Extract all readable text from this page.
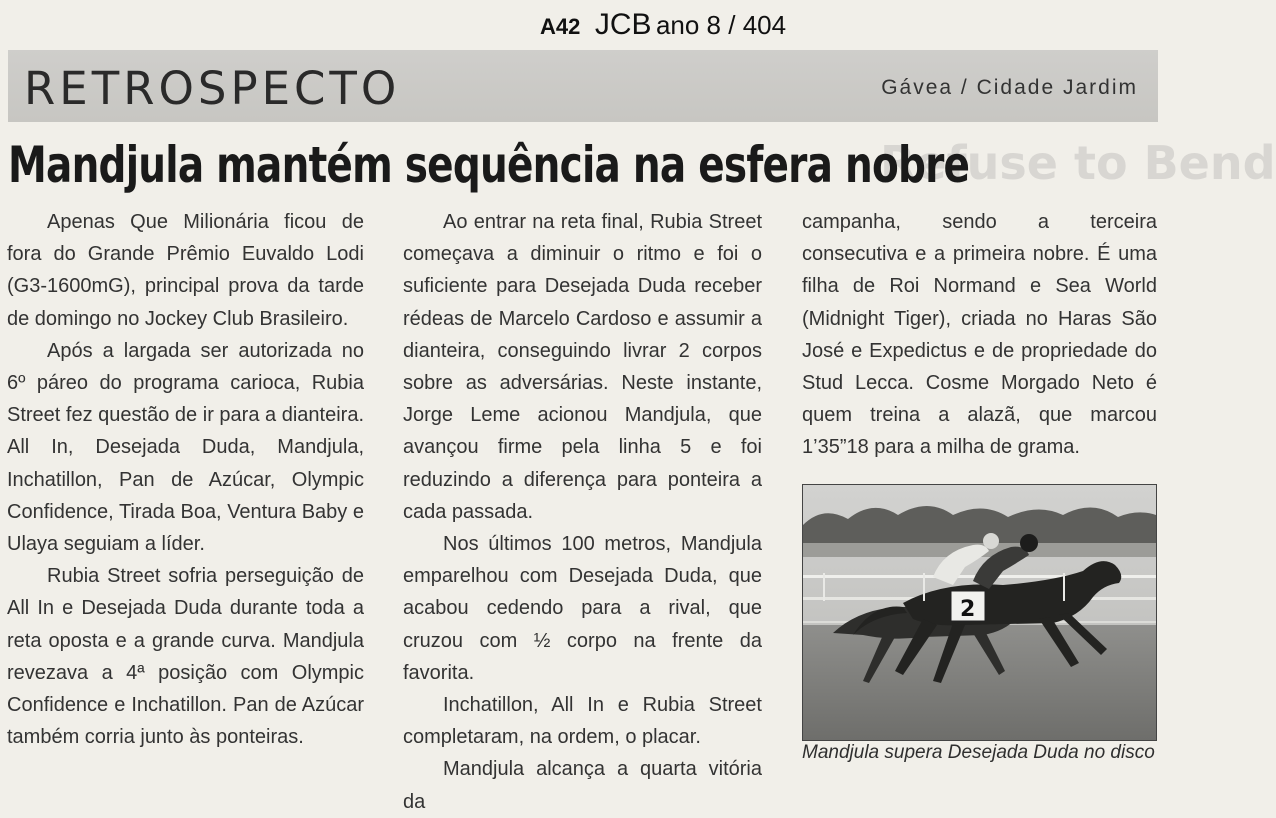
A42 JCB ano 8 / 404
RETROSPECTO	Gávea / Cidade Jardim
Refuse to Bend
Mandjula mantém sequência na esfera nobre

Apenas Que Milionária ficou de fora do Grande Prêmio Euvaldo Lodi (G3-1600mG), principal prova da tarde de domingo no Jockey Club Brasileiro.

Após a largada ser autorizada no 6º páreo do programa carioca, Rubia Street fez questão de ir para a dianteira. All In, Desejada Duda, Mandjula, Inchatillon, Pan de Azúcar, Olympic Confidence, Tirada Boa, Ventura Baby e Ulaya seguiam a líder.

Rubia Street sofria perseguição de All In e Desejada Duda durante toda a reta oposta e a grande curva. Mandjula revezava a 4ª posição com Olympic Confidence e Inchatillon. Pan de Azúcar também corria junto às ponteiras.

Ao entrar na reta final, Rubia Street começava a diminuir o ritmo e foi o suficiente para Desejada Duda receber rédeas de Marcelo Cardoso e assumir a dianteira, conseguindo livrar 2 corpos sobre as adversárias. Neste instante, Jorge Leme acionou Mandjula, que avançou firme pela linha 5 e foi reduzindo a diferença para ponteira a cada passada.

Nos últimos 100 metros, Mandjula emparelhou com Desejada Duda, que acabou cedendo para a rival, que cruzou com ½ corpo na frente da favorita.

Inchatillon, All In e Rubia Street completaram, na ordem, o placar.

Mandjula alcança a quarta vitória da

campanha, sendo a terceira consecutiva e a primeira nobre. É uma filha de Roi Normand e Sea World (Midnight Tiger), criada no Haras São José e Expedictus e de propriedade do Stud Lecca. Cosme Morgado Neto é quem treina a alazã, que marcou 1’35”18 para a milha de grama.

2
Mandjula supera Desejada Duda no disco
